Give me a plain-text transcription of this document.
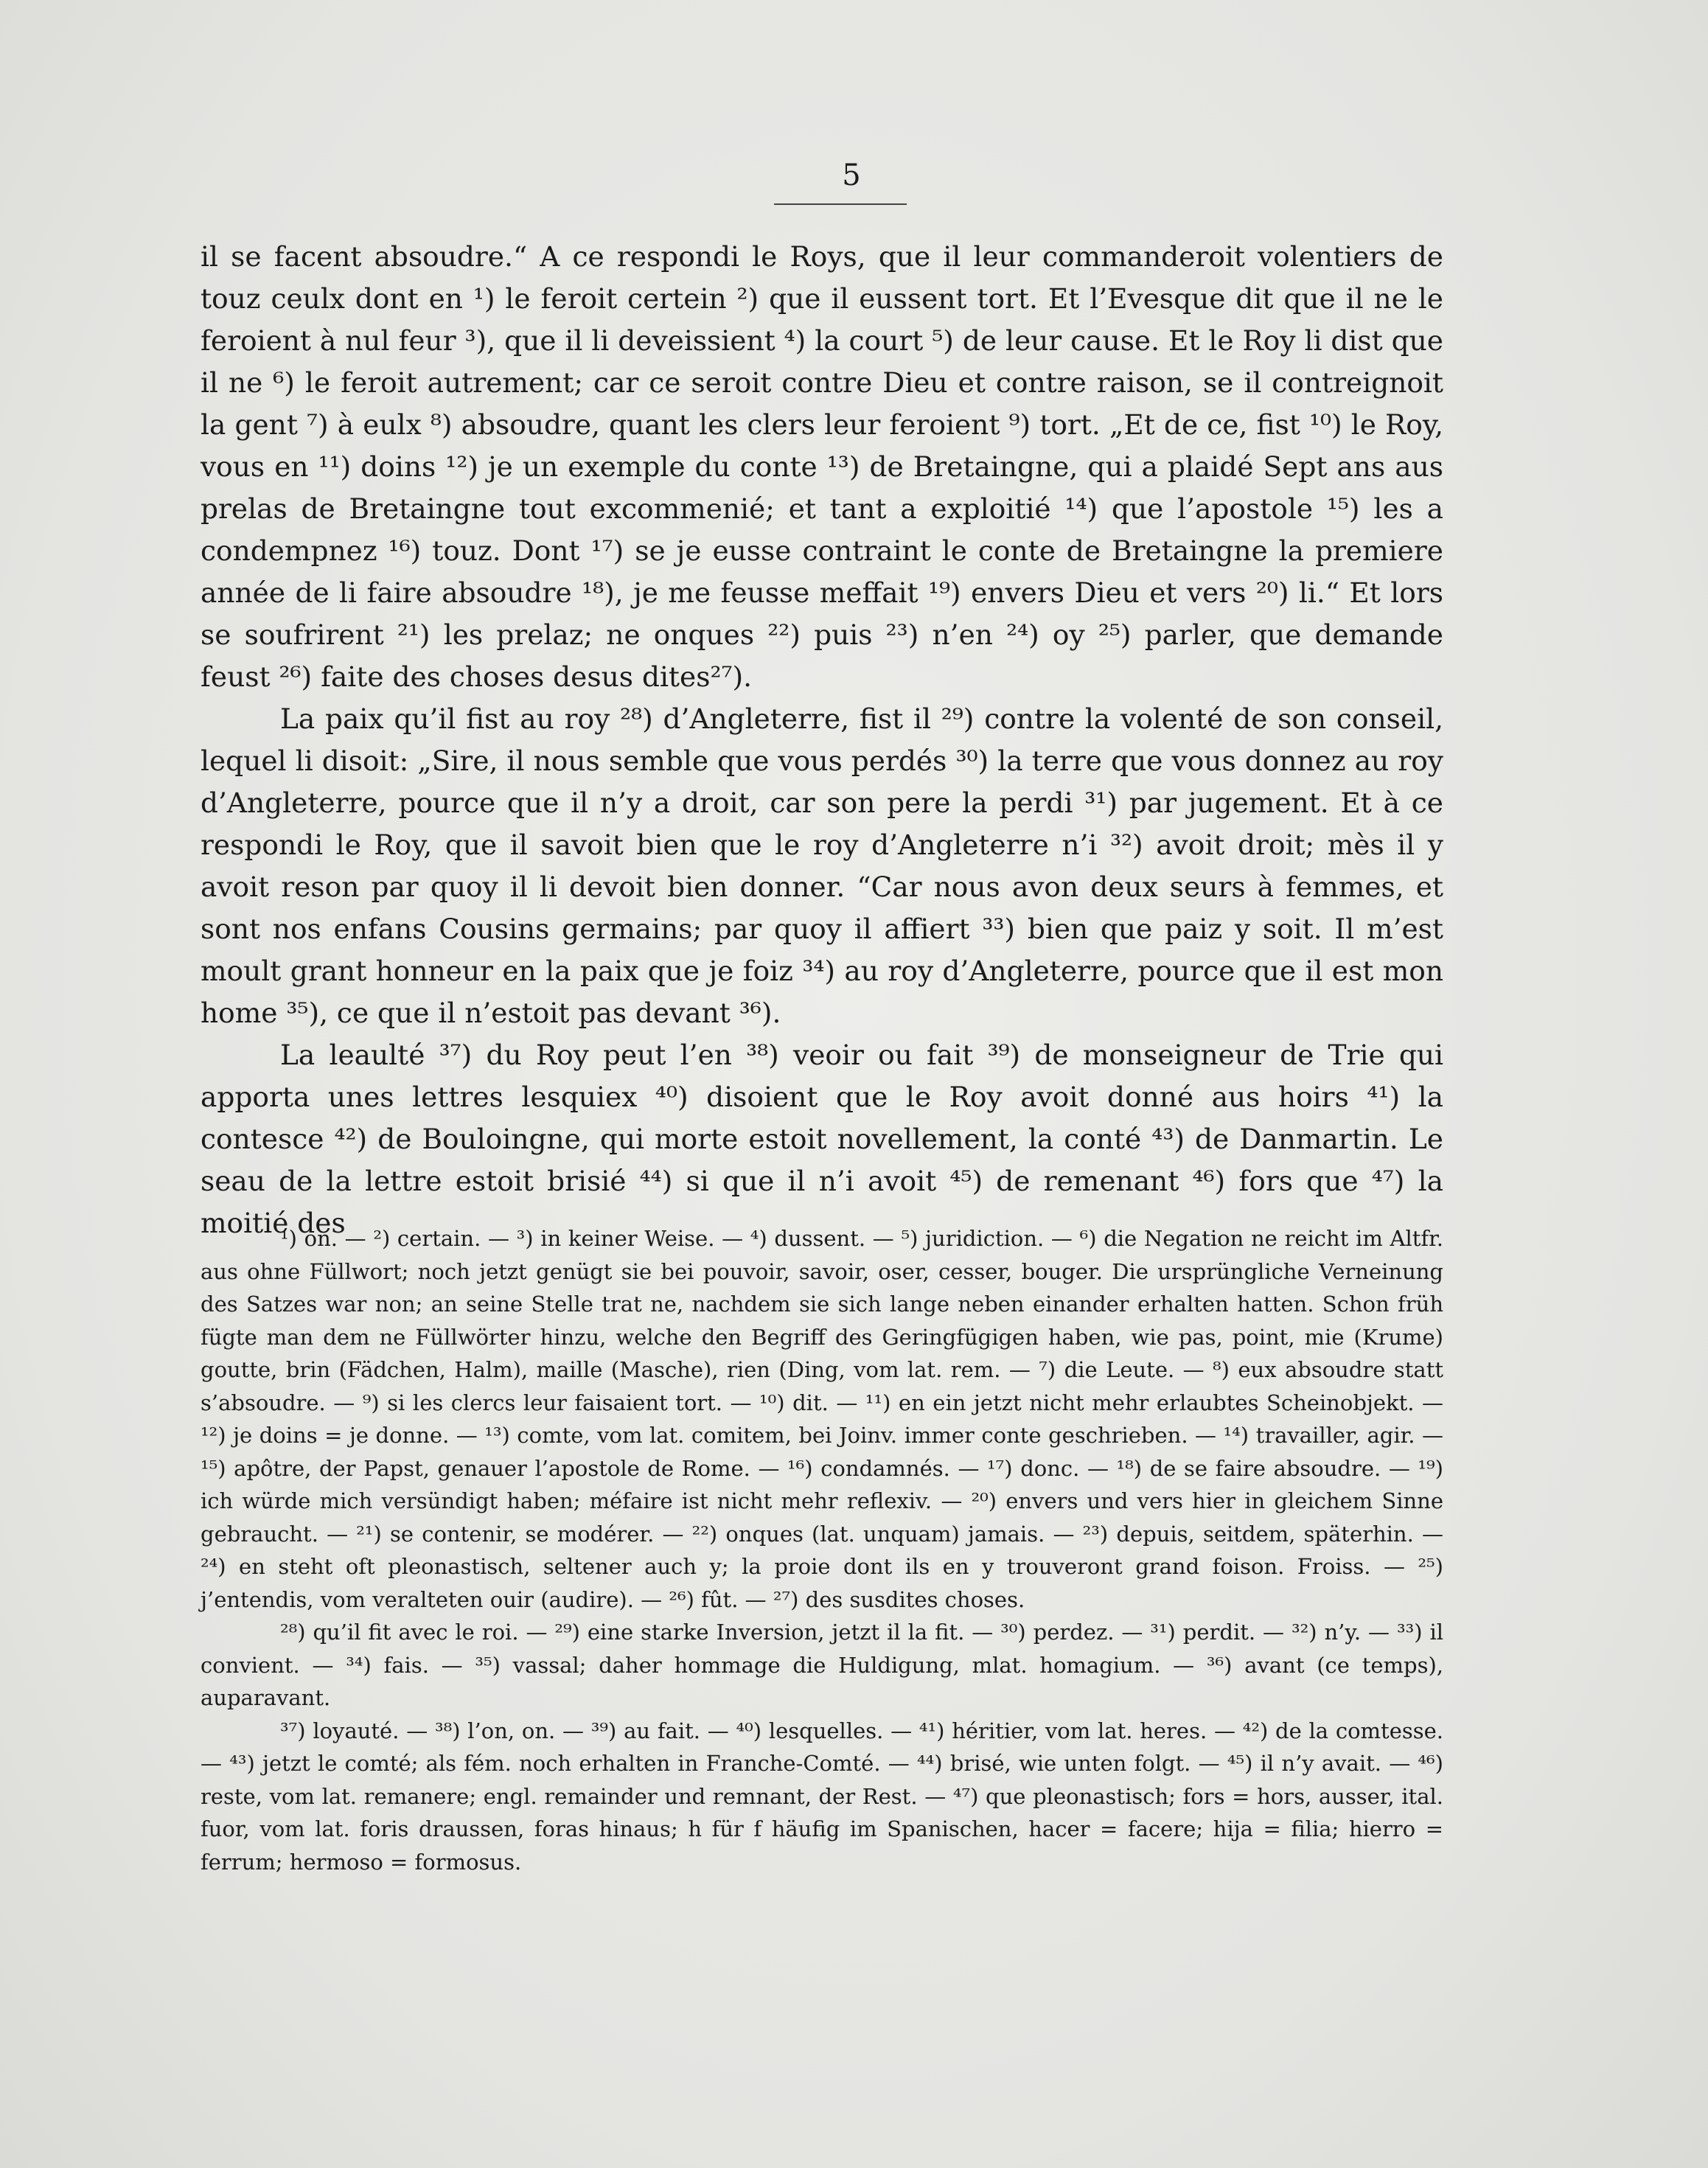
5

il se facent absoudre.“ A ce respondi le Roys, que il leur commanderoit volentiers de touz ceulx dont en ¹) le feroit certein ²) que il eussent tort. Et l’Evesque dit que il ne le feroient à nul feur ³), que il li deveissient ⁴) la court ⁵) de leur cause. Et le Roy li dist que il ne ⁶) le feroit autrement; car ce seroit contre Dieu et contre raison, se il contreignoit la gent ⁷) à eulx ⁸) absoudre, quant les clers leur feroient ⁹) tort. „Et de ce, fist ¹⁰) le Roy, vous en ¹¹) doins ¹²) je un exemple du conte ¹³) de Bretaingne, qui a plaidé Sept ans aus prelas de Bretaingne tout excommenié; et tant a exploitié ¹⁴) que l’apostole ¹⁵) les a condempnez ¹⁶) touz. Dont ¹⁷) se je eusse contraint le conte de Bretaingne la premiere année de li faire absoudre ¹⁸), je me feusse meffait ¹⁹) envers Dieu et vers ²⁰) li.“ Et lors se soufrirent ²¹) les prelaz; ne onques ²²) puis ²³) n’en ²⁴) oy ²⁵) parler, que demande feust ²⁶) faite des choses desus dites²⁷).

La paix qu’il fist au roy ²⁸) d’Angleterre, fist il ²⁹) contre la volenté de son conseil, lequel li disoit: „Sire, il nous semble que vous perdés ³⁰) la terre que vous donnez au roy d’Angleterre, pource que il n’y a droit, car son pere la perdi ³¹) par jugement. Et à ce respondi le Roy, que il savoit bien que le roy d’Angleterre n’i ³²) avoit droit; mès il y avoit reson par quoy il li devoit bien donner. “Car nous avon deux seurs à femmes, et sont nos enfans Cousins germains; par quoy il affiert ³³) bien que paiz y soit. Il m’est moult grant honneur en la paix que je foiz ³⁴) au roy d’Angleterre, pource que il est mon home ³⁵), ce que il n’estoit pas devant ³⁶).

La leaulté ³⁷) du Roy peut l’en ³⁸) veoir ou fait ³⁹) de monseigneur de Trie qui apporta unes lettres lesquiex ⁴⁰) disoient que le Roy avoit donné aus hoirs ⁴¹) la contesce ⁴²) de Bouloingne, qui morte estoit novellement, la conté ⁴³) de Danmartin. Le seau de la lettre estoit brisié ⁴⁴) si que il n’i avoit ⁴⁵) de remenant ⁴⁶) fors que ⁴⁷) la moitié des

¹) on. — ²) certain. — ³) in keiner Weise. — ⁴) dussent. — ⁵) juridiction. — ⁶) die Negation ne reicht im Altfr. aus ohne Füllwort; noch jetzt genügt sie bei pouvoir, savoir, oser, cesser, bouger. Die ursprüngliche Verneinung des Satzes war non; an seine Stelle trat ne, nachdem sie sich lange neben einander erhalten hatten. Schon früh fügte man dem ne Füllwörter hinzu, welche den Begriff des Geringfügigen haben, wie pas, point, mie (Krume) goutte, brin (Fädchen, Halm), maille (Masche), rien (Ding, vom lat. rem. — ⁷) die Leute. — ⁸) eux absoudre statt s’absoudre. — ⁹) si les clercs leur faisaient tort. — ¹⁰) dit. — ¹¹) en ein jetzt nicht mehr erlaubtes Scheinobjekt. — ¹²) je doins = je donne. — ¹³) comte, vom lat. comitem, bei Joinv. immer conte geschrieben. — ¹⁴) travailler, agir. — ¹⁵) apôtre, der Papst, genauer l’apostole de Rome. — ¹⁶) condamnés. — ¹⁷) donc. — ¹⁸) de se faire absoudre. — ¹⁹) ich würde mich versündigt haben; méfaire ist nicht mehr reflexiv. — ²⁰) envers und vers hier in gleichem Sinne gebraucht. — ²¹) se contenir, se modérer. — ²²) onques (lat. unquam) jamais. — ²³) depuis, seitdem, späterhin. — ²⁴) en steht oft pleonastisch, seltener auch y; la proie dont ils en y trouveront grand foison. Froiss. — ²⁵) j’entendis, vom veralteten ouir (audire). — ²⁶) fût. — ²⁷) des susdites choses.

²⁸) qu’il fit avec le roi. — ²⁹) eine starke Inversion, jetzt il la fit. — ³⁰) perdez. — ³¹) perdit. — ³²) n’y. — ³³) il convient. — ³⁴) fais. — ³⁵) vassal; daher hommage die Huldigung, mlat. homagium. — ³⁶) avant (ce temps), auparavant.

³⁷) loyauté. — ³⁸) l’on, on. — ³⁹) au fait. — ⁴⁰) lesquelles. — ⁴¹) héritier, vom lat. heres. — ⁴²) de la comtesse. — ⁴³) jetzt le comté; als fém. noch erhalten in Franche-Comté. — ⁴⁴) brisé, wie unten folgt. — ⁴⁵) il n’y avait. — ⁴⁶) reste, vom lat. remanere; engl. remainder und remnant, der Rest. — ⁴⁷) que pleonastisch; fors = hors, ausser, ital. fuor, vom lat. foris draussen, foras hinaus; h für f häufig im Spanischen, hacer = facere; hija = filia; hierro = ferrum; hermoso = formosus.
